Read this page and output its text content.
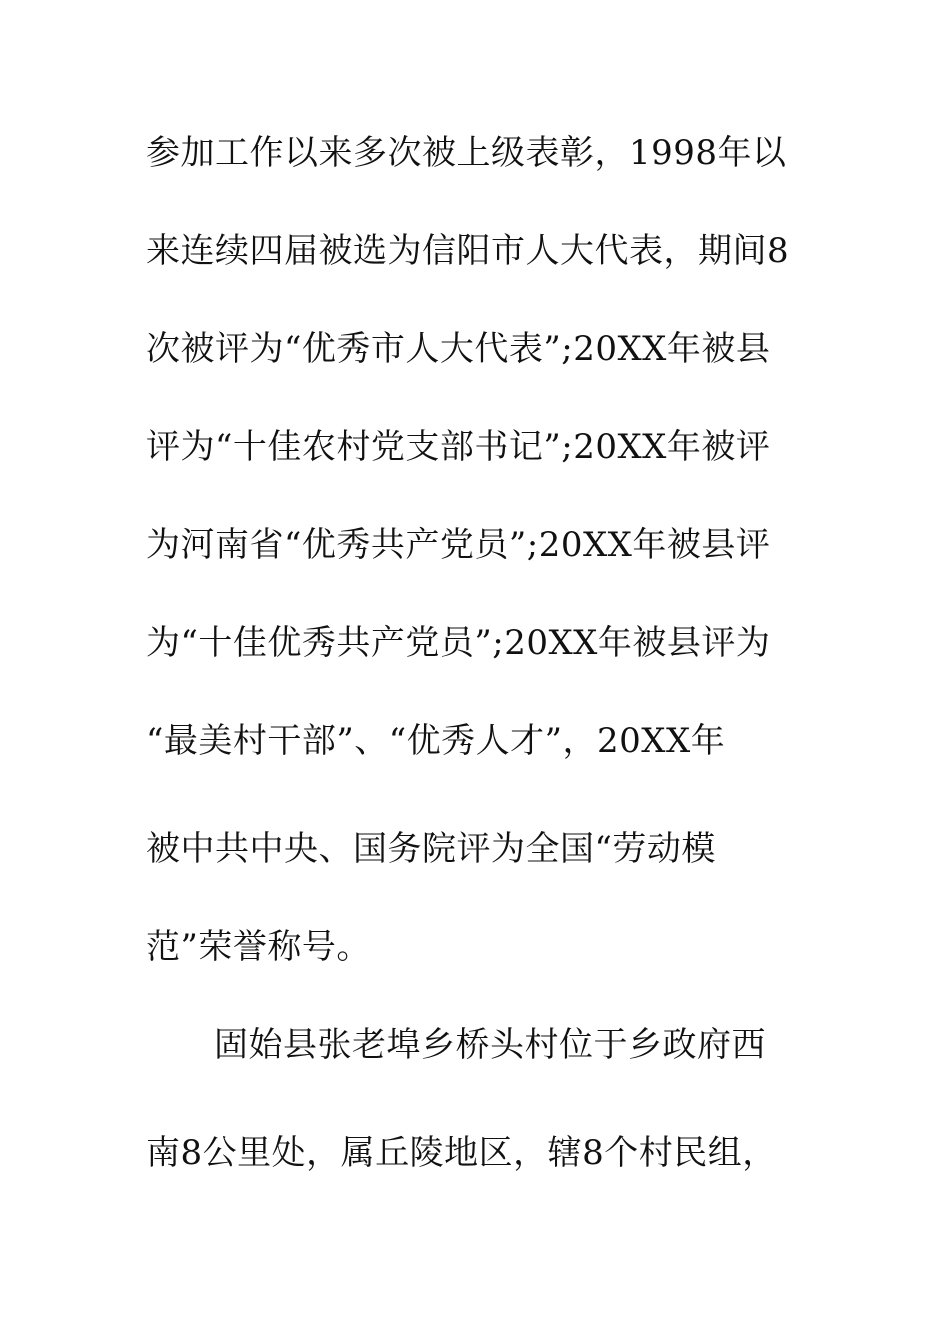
参加工作以来多次被上级表彰，1998年以
来连续四届被选为信阳市人大代表，期间8
次被评为“优秀市人大代表”;20XX年被县
评为“十佳农村党支部书记”;20XX年被评
为河南省“优秀共产党员”;20XX年被县评
为“十佳优秀共产党员”;20XX年被县评为
“最美村干部”、“优秀人才”，20XX年
被中共中央、国务院评为全国“劳动模
范”荣誉称号。
固始县张老埠乡桥头村位于乡政府西
南8公里处，属丘陵地区，辖8个村民组，
